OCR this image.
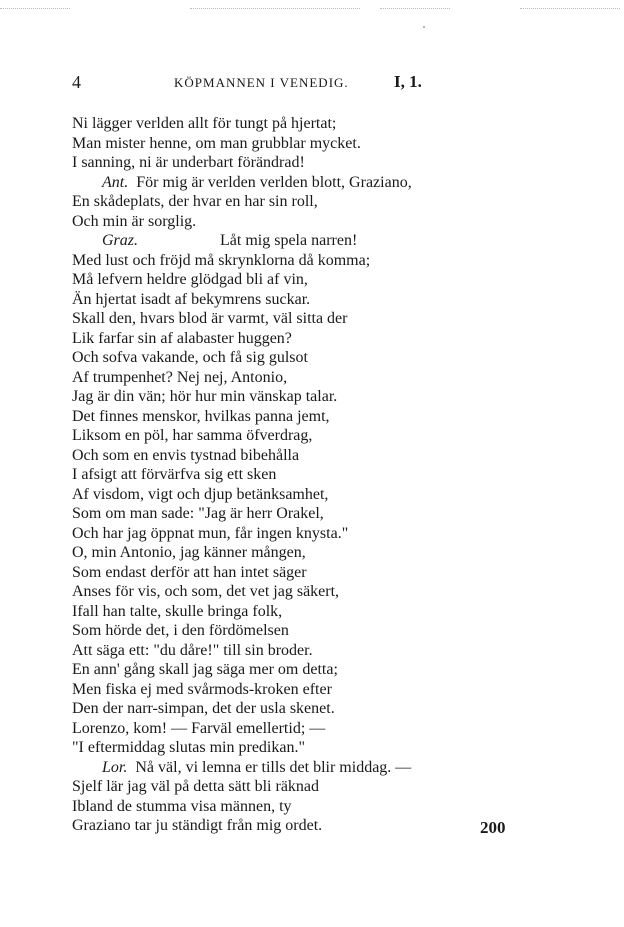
4	KÖPMANNEN I VENEDIG.	I, 1.
Ni lägger verlden allt för tungt på hjertat;
Man mister henne, om man grubblar mycket.
I sanning, ni är underbart förändrad!
Ant. För mig är verlden verlden blott, Graziano,
En skådeplats, der hvar en har sin roll,
Och min är sorglig.
Graz.	Låt mig spela narren!
Med lust och fröjd må skrynklorna då komma;
Må lefvern heldre glödgad bli af vin,
Än hjertat isadt af bekymrens suckar.
Skall den, hvars blod är varmt, väl sitta der
Lik farfar sin af alabaster huggen?
Och sofva vakande, och få sig gulsot
Af trumpenhet? Nej nej, Antonio,
Jag är din vän; hör hur min vänskap talar.
Det finnes menskor, hvilkas panna jemt,
Liksom en pöl, har samma öfverdrag,
Och som en envis tystnad bibehålla
I afsigt att förvärfva sig ett sken
Af visdom, vigt och djup betänksamhet,
Som om man sade: "Jag är herr Orakel,
Och har jag öppnat mun, får ingen knysta."
O, min Antonio, jag känner mången,
Som endast derför att han intet säger
Anses för vis, och som, det vet jag säkert,
Ifall han talte, skulle bringa folk,
Som hörde det, i den fördömelsen
Att säga ett: "du dåre!" till sin broder.
En ann' gång skall jag säga mer om detta;
Men fiska ej med svårmods-kroken efter
Den der narr-simpan, det der usla skenet.
Lorenzo, kom! — Farväl emellertid; —
"I eftermiddag slutas min predikan."
Lor. Nå väl, vi lemna er tills det blir middag. —
Sjelf lär jag väl på detta sätt bli räknad
Ibland de stumma visa männen, ty
Graziano tar ju ständigt från mig ordet.	200
